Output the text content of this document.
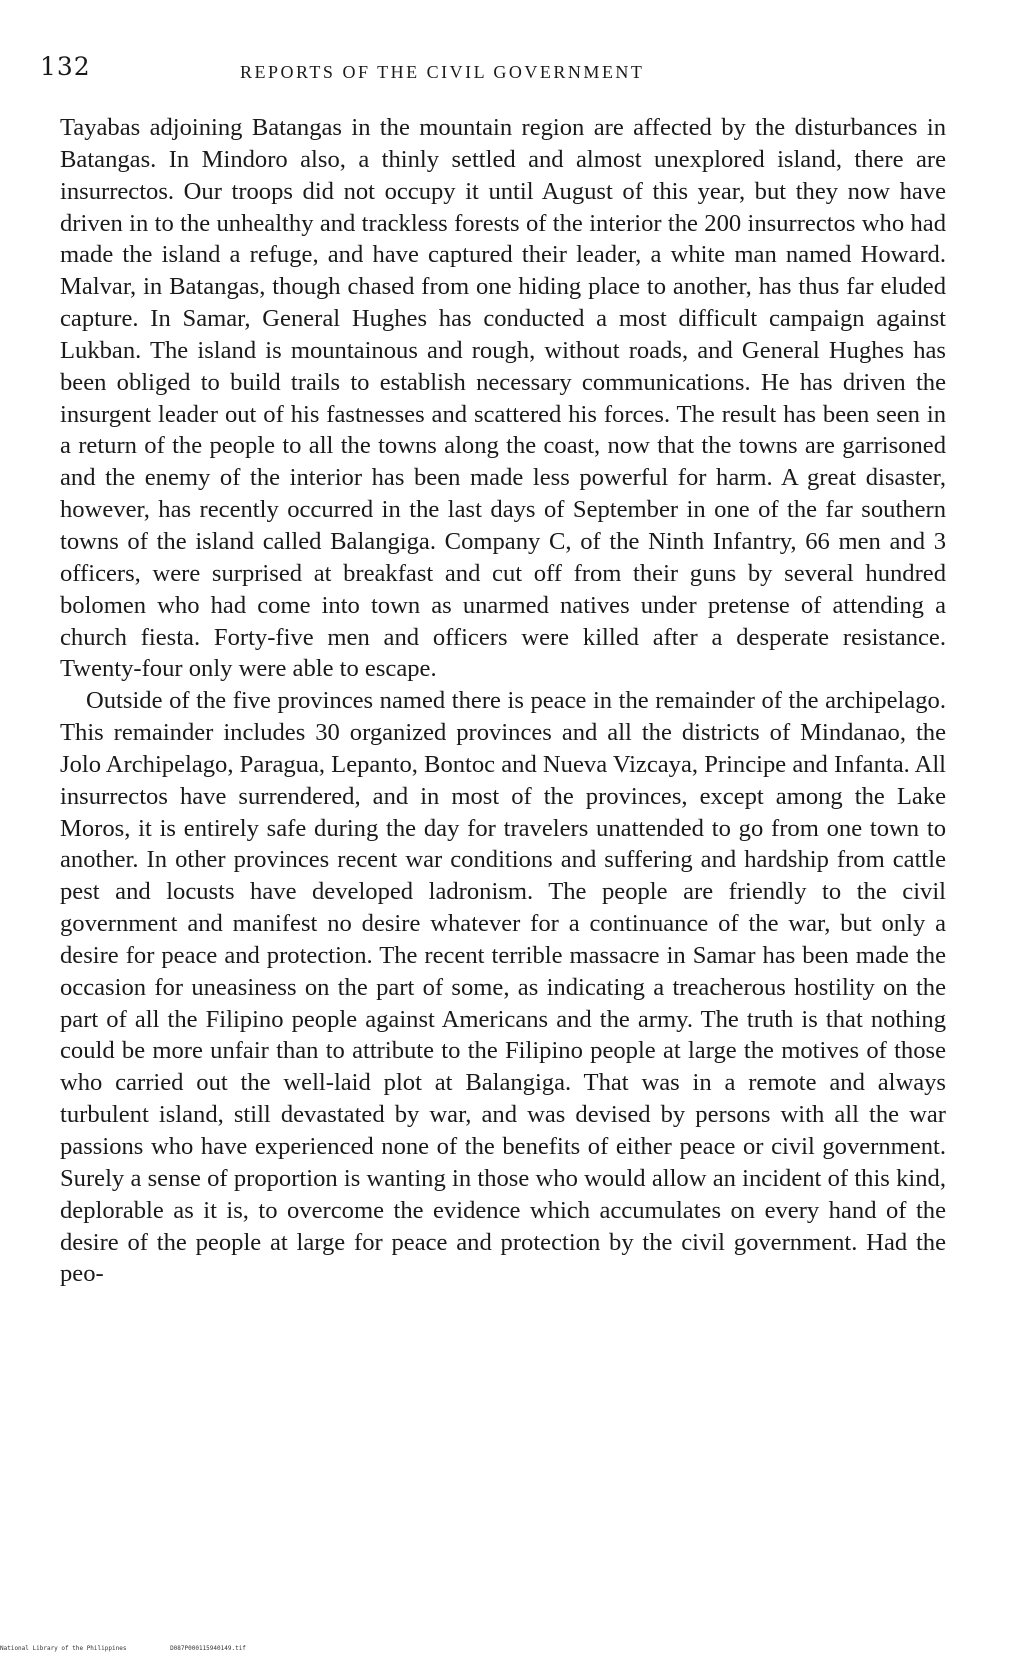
132	REPORTS OF THE CIVIL GOVERNMENT

Tayabas adjoining Batangas in the mountain region are affected by the disturbances in Batangas. In Mindoro also, a thinly settled and almost unexplored island, there are insurrectos. Our troops did not occupy it until August of this year, but they now have driven in to the unhealthy and trackless forests of the interior the 200 insurrectos who had made the island a refuge, and have captured their leader, a white man named Howard. Malvar, in Batangas, though chased from one hiding place to another, has thus far eluded capture. In Samar, General Hughes has conducted a most difficult campaign against Lukban. The island is mountainous and rough, without roads, and General Hughes has been obliged to build trails to establish necessary communications. He has driven the insurgent leader out of his fastnesses and scattered his forces. The result has been seen in a return of the people to all the towns along the coast, now that the towns are garrisoned and the enemy of the interior has been made less powerful for harm. A great disaster, however, has recently occurred in the last days of September in one of the far southern towns of the island called Balangiga. Company C, of the Ninth Infantry, 66 men and 3 officers, were surprised at breakfast and cut off from their guns by several hundred bolomen who had come into town as unarmed natives under pretense of attending a church fiesta. Forty-five men and officers were killed after a desperate resistance. Twenty-four only were able to escape.

Outside of the five provinces named there is peace in the remainder of the archipelago. This remainder includes 30 organized provinces and all the districts of Mindanao, the Jolo Archipelago, Paragua, Lepanto, Bontoc and Nueva Vizcaya, Principe and Infanta. All insurrectos have surrendered, and in most of the provinces, except among the Lake Moros, it is entirely safe during the day for travelers unattended to go from one town to another. In other provinces recent war conditions and suffering and hardship from cattle pest and locusts have developed ladronism. The people are friendly to the civil government and manifest no desire whatever for a continuance of the war, but only a desire for peace and protection. The recent terrible massacre in Samar has been made the occasion for uneasiness on the part of some, as indicating a treacherous hostility on the part of all the Filipino people against Americans and the army. The truth is that nothing could be more unfair than to attribute to the Filipino people at large the motives of those who carried out the well-laid plot at Balangiga. That was in a remote and always turbulent island, still devastated by war, and was devised by persons with all the war passions who have experienced none of the benefits of either peace or civil government. Surely a sense of proportion is wanting in those who would allow an incident of this kind, deplorable as it is, to overcome the evidence which accumulates on every hand of the desire of the people at large for peace and protection by the civil government. Had the peo-

National Library of the Philippines	D087P000115940149.tif
